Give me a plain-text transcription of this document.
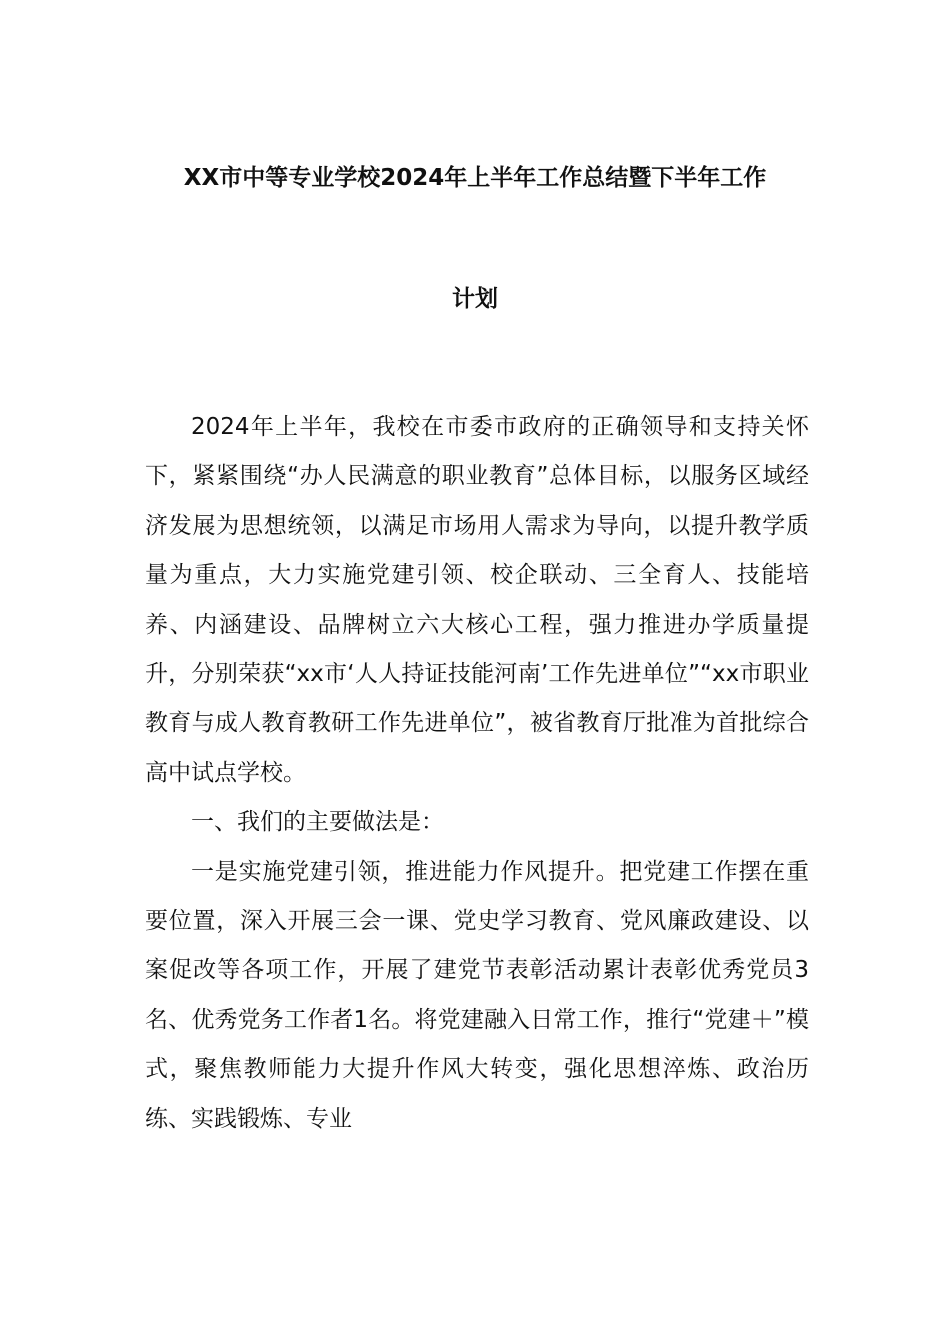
XX市中等专业学校2024年上半年工作总结暨下半年工作
计划

2024年上半年，我校在市委市政府的正确领导和支持关怀下，紧紧围绕“办人民满意的职业教育”总体目标，以服务区域经济发展为思想统领，以满足市场用人需求为导向，以提升教学质量为重点，大力实施党建引领、校企联动、三全育人、技能培养、内涵建设、品牌树立六大核心工程，强力推进办学质量提升，分别荣获“xx市‘人人持证技能河南’工作先进单位”“xx市职业教育与成人教育教研工作先进单位”，被省教育厅批准为首批综合高中试点学校。

一、我们的主要做法是：

一是实施党建引领，推进能力作风提升。把党建工作摆在重要位置，深入开展三会一课、党史学习教育、党风廉政建设、以案促改等各项工作，开展了建党节表彰活动累计表彰优秀党员3名、优秀党务工作者1名。将党建融入日常工作，推行“党建＋”模式，聚焦教师能力大提升作风大转变，强化思想淬炼、政治历练、实践锻炼、专业
